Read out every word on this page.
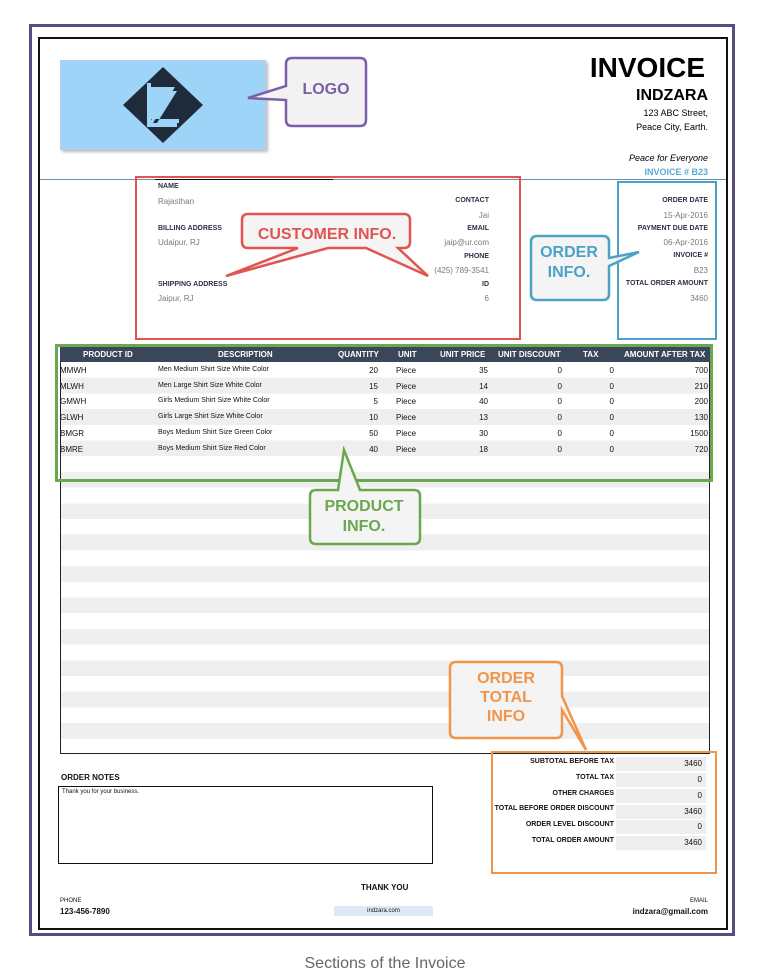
LOGO
INVOICE
INDZARA
123 ABC Street,
Peace City, Earth.
Peace for Everyone
INVOICE # B23
NAME
Rajasthan
BILLING ADDRESS
Udaipur, RJ
SHIPPING ADDRESS
Jaipur, RJ
CONTACT
Jai
EMAIL
jaip@ur.com
PHONE
(425) 789-3541
ID
6
CUSTOMER INFO.
ORDER DATE
15-Apr-2016
PAYMENT DUE DATE
06-Apr-2016
INVOICE #
B23
TOTAL ORDER AMOUNT
3460
ORDER
INFO.
PRODUCT ID	DESCRIPTION	QUANTITY UNIT	UNIT PRICE UNIT DISCOUNT	TAX	AMOUNT AFTER TAX
MMWH	Men Medium Shirt Size White Color	20 Piece	35	0	0	700
MLWH	Men Large Shirt Size White Color	15 Piece	14	0	0	210
GMWH	Girls Medium Shirt Size White Color	5 Piece	40	0	0	200
GLWH	Girls Large Shirt Size White Color	10 Piece	13	0	0	130
BMGR	Boys Medium Shirt Size Green Color	50 Piece	30	0	0	1500
BMRE	Boys Medium Shirt Size Red Color	40 Piece	18	0	0	720
PRODUCT
INFO.
ORDER
TOTAL
INFO
SUBTOTAL BEFORE TAX	3460
TOTAL TAX	0
OTHER CHARGES	0
TOTAL BEFORE ORDER DISCOUNT	3460
ORDER LEVEL DISCOUNT	0
TOTAL ORDER AMOUNT	3460
ORDER NOTES
Thank you for your business.
THANK YOU
PHONE
123-456-7890	indzara.com
EMAIL
indzara@gmail.com
Sections of the Invoice
